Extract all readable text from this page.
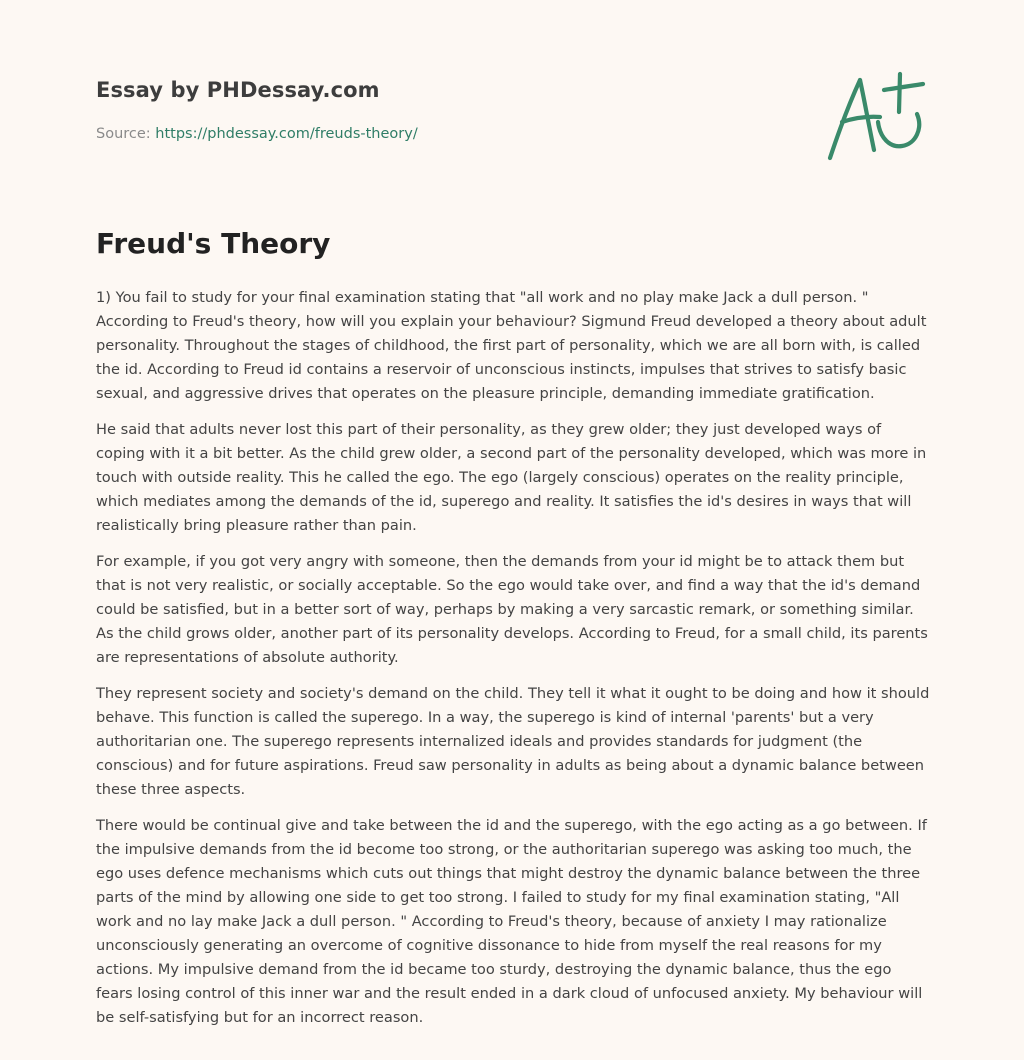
Essay by PHDessay.com
Source: https://phdessay.com/freuds-theory/
Freud's Theory

1) You fail to study for your final examination stating that "all work and no play make Jack a dull person. " According to Freud's theory, how will you explain your behaviour? Sigmund Freud developed a theory about adult personality. Throughout the stages of childhood, the first part of personality, which we are all born with, is called the id. According to Freud id contains a reservoir of unconscious instincts, impulses that strives to satisfy basic sexual, and aggressive drives that operates on the pleasure principle, demanding immediate gratification.

He said that adults never lost this part of their personality, as they grew older; they just developed ways of coping with it a bit better. As the child grew older, a second part of the personality developed, which was more in touch with outside reality. This he called the ego. The ego (largely conscious) operates on the reality principle, which mediates among the demands of the id, superego and reality. It satisfies the id's desires in ways that will realistically bring pleasure rather than pain.

For example, if you got very angry with someone, then the demands from your id might be to attack them but that is not very realistic, or socially acceptable. So the ego would take over, and find a way that the id's demand could be satisfied, but in a better sort of way, perhaps by making a very sarcastic remark, or something similar. As the child grows older, another part of its personality develops. According to Freud, for a small child, its parents are representations of absolute authority.

They represent society and society's demand on the child. They tell it what it ought to be doing and how it should behave. This function is called the superego. In a way, the superego is kind of internal 'parents' but a very authoritarian one. The superego represents internalized ideals and provides standards for judgment (the conscious) and for future aspirations. Freud saw personality in adults as being about a dynamic balance between these three aspects.

There would be continual give and take between the id and the superego, with the ego acting as a go between. If the impulsive demands from the id become too strong, or the authoritarian superego was asking too much, the ego uses defence mechanisms which cuts out things that might destroy the dynamic balance between the three parts of the mind by allowing one side to get too strong. I failed to study for my final examination stating, "All work and no lay make Jack a dull person. " According to Freud's theory, because of anxiety I may rationalize unconsciously generating an overcome of cognitive dissonance to hide from myself the real reasons for my actions. My impulsive demand from the id became too sturdy, destroying the dynamic balance, thus the ego fears losing control of this inner war and the result ended in a dark cloud of unfocused anxiety. My behaviour will be self-satisfying but for an incorrect reason.
